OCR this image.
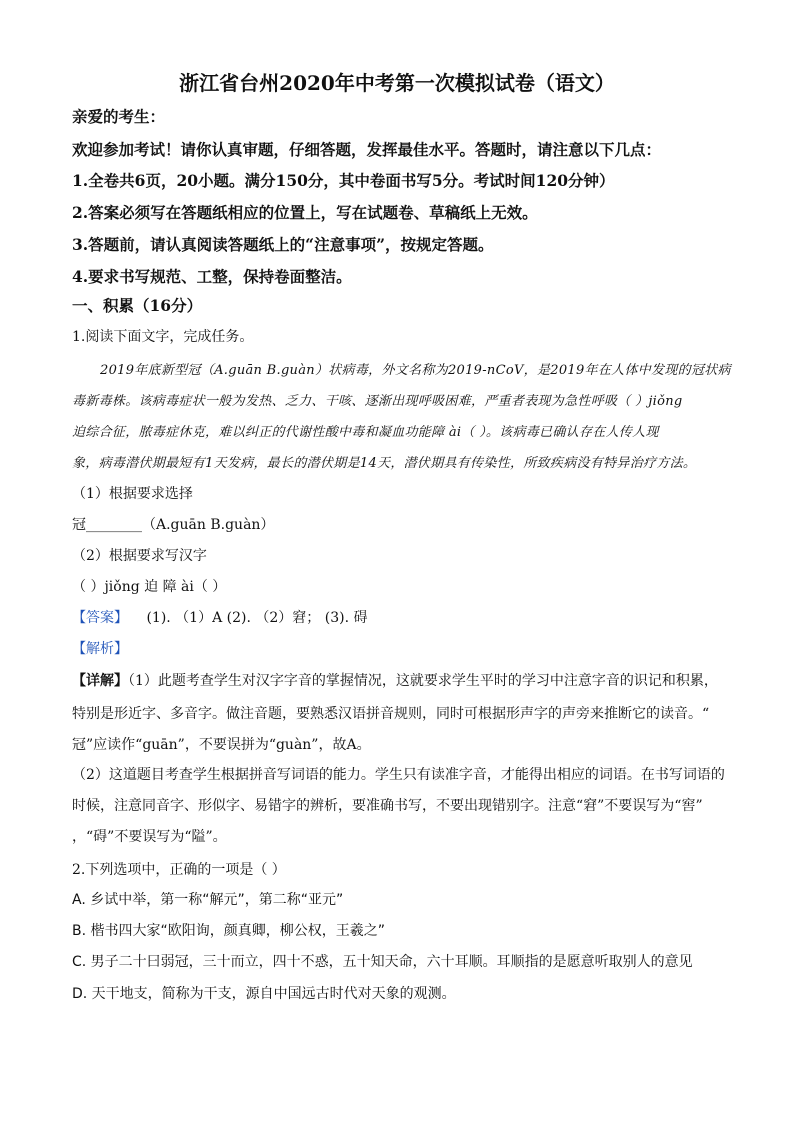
浙江省台州2020年中考第一次模拟试卷（语文）
亲爱的考生：
欢迎参加考试！请你认真审题，仔细答题，发挥最佳水平。答题时，请注意以下几点：
1.全卷共6页，20小题。满分150分，其中卷面书写5分。考试时间120分钟）
2.答案必须写在答题纸相应的位置上，写在试题卷、草稿纸上无效。
3.答题前，请认真阅读答题纸上的“注意事项”，按规定答题。
4.要求书写规范、工整，保持卷面整洁。
一、积累（16分）
1.阅读下面文字，完成任务。
2019年底新型冠（A.guān B.guàn）状病毒，外文名称为2019-nCoV，是2019年在人体中发现的冠状病
毒新毒株。该病毒症状一般为发热、乏力、干咳、逐渐出现呼吸困难，严重者表现为急性呼吸（ ）jiǒng
迫综合征，脓毒症休克，难以纠正的代谢性酸中毒和凝血功能障 ài（ ）。该病毒已确认存在人传人现
象，病毒潜伏期最短有1天发病，最长的潜伏期是14天，潜伏期具有传染性，所致疾病没有特异治疗方法。
（1）根据要求选择
冠________（A.guān B.guàn）
（2）根据要求写汉字
（ ）jiǒng 迫 障 ài（ ）
【答案】 (1). （1）A (2). （2）窘； (3). 碍
【解析】
【详解】（1）此题考查学生对汉字字音的掌握情况，这就要求学生平时的学习中注意字音的识记和积累，
特别是形近字、多音字。做注音题，要熟悉汉语拼音规则，同时可根据形声字的声旁来推断它的读音。“
冠”应读作“guān”，不要误拼为“guàn”，故A。
（2）这道题目考查学生根据拼音写词语的能力。学生只有读准字音，才能得出相应的词语。在书写词语的
时候，注意同音字、形似字、易错字的辨析，要准确书写，不要出现错别字。注意“窘”不要误写为“窖”
，“碍”不要误写为“隘”。
2.下列选项中，正确的一项是（ ）
A. 乡试中举，第一称“解元”，第二称“亚元”
B. 楷书四大家“欧阳询，颜真卿，柳公权，王羲之”
C. 男子二十曰弱冠，三十而立，四十不惑，五十知天命，六十耳顺。耳顺指的是愿意听取别人的意见
D. 天干地支，简称为干支，源自中国远古时代对天象的观测。
